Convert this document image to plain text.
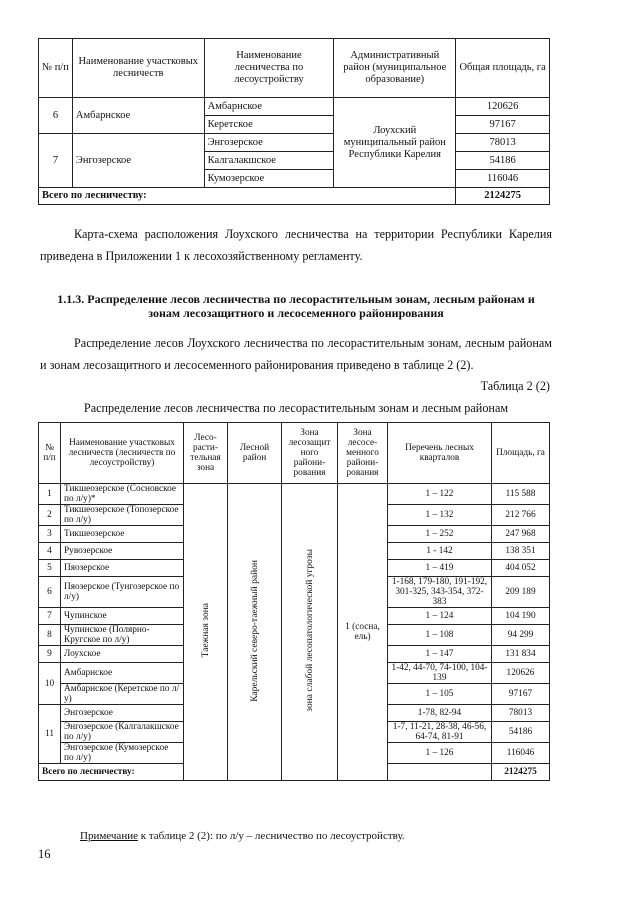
№ п/п	Наименование участковых лесничеств	Наименование лесничества по лесоустройству	Административный район (муниципальное образование)	Общая площадь, га
6	Амбарнское	Амбарнское	Лоухский муниципальный район Республики Карелия	120626
		Керетское		97167
7	Энгозерское	Энгозерское		78013
		Калгалакшское		54186
		Кумозерское		116046
Всего по лесничеству:				2124275

Карта-схема расположения Лоухского лесничества на территории Республики Карелия приведена в Приложении 1 к лесохозяйственному регламенту.

1.1.3. Распределение лесов лесничества по лесорастительным зонам, лесным районам и зонам лесозащитного и лесосеменного районирования

Распределение лесов Лоухского лесничества по лесорастительным зонам, лесным районам и зонам лесозащитного и лесосеменного районирования приведено в таблице 2 (2).

Таблица 2 (2)

Распределение лесов лесничества по лесорастительным зонам и лесным районам

№ п/п	Наименование участковых лесничеств (лесничеств по лесоустройству)	Лесо-расти-тельная зона	Лесной район	Зона лесозащит ного райони-рования	Зона лесосе-менного райони-рования	Перечень лесных кварталов	Площадь, га
1	Тикшеозерское (Сосновское по л/у)*	Таежная зона	Карельский северо-таежный район	зона слабой лесопатологической угрозы	1 (сосна, ель)	1 – 122	115 588
2	Тикшеозерское (Топозерское по л/у)					1 – 132	212 766
3	Тикшеозерское					1 – 252	247 968
4	Рувозерское					1 - 142	138 351
5	Пяозерское					1 – 419	404 052
6	Пяозерское (Тунгозерское по л/у)					1-168, 179-180, 191-192, 301-325, 343-354, 372-383	209 189
7	Чупинское					1 – 124	104 190
8	Чупинское (Полярно-Кругское по л/у)					1 – 108	94 299
9	Лоухское					1 – 147	131 834
10	Амбарнское					1-42, 44-70, 74-100, 104-139	120626
	Амбарнское (Керетское по л/у)					1 – 105	97167
11	Энгозерское					1-78, 82-94	78013
	Энгозерское (Калгалакшское по л/у)					1-7, 11-21, 28-38, 46-56, 64-74, 81-91	54186
	Энгозерское (Кумозерское по л/у)					1 – 126	116046
Всего по лесничеству:							2124275

Примечание к таблице 2 (2): по л/у – лесничество по лесоустройству.

16
